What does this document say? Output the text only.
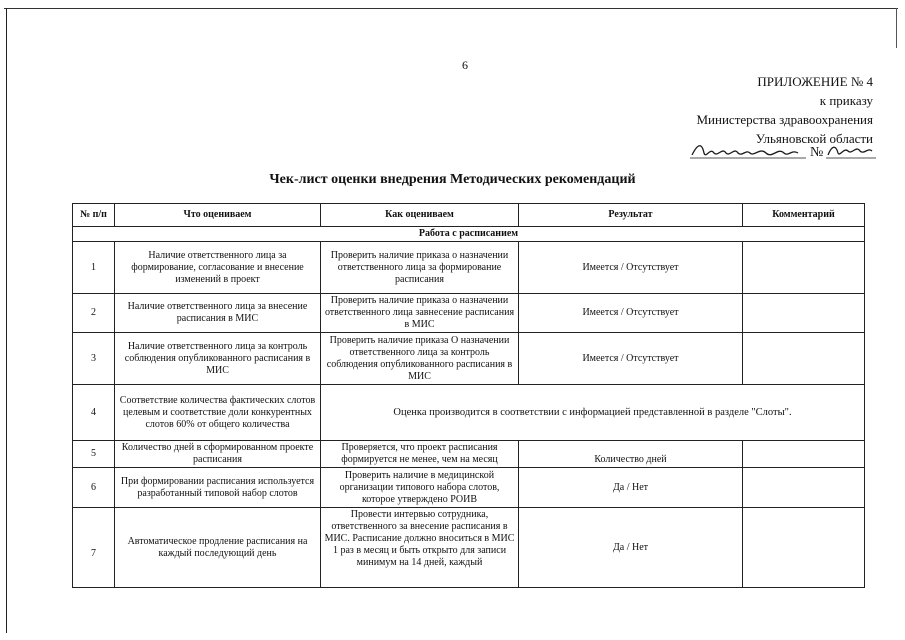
6
ПРИЛОЖЕНИЕ № 4
к приказу
Министерства здравоохранения
Ульяновской области
№
Чек-лист оценки внедрения Методических рекомендаций
№ п/п	Что оцениваем	Как оцениваем	Результат	Комментарий
Работа с расписанием				
1	Наличие ответственного лица за формирование, согласование и внесение изменений в проект	Проверить наличие приказа о назначении ответственного лица за формирование расписания	Имеется / Отсутствует	
2	Наличие ответственного лица за внесение расписания в МИС	Проверить наличие приказа о назначении ответственного лица завнесение расписания в МИС	Имеется / Отсутствует	
3	Наличие ответственного лица за контроль соблюдения опубликованного расписания в МИС	Проверить наличие приказа О назначении ответственного лица за контроль соблюдения опубликованного расписания в МИС	Имеется / Отсутствует	
4	Соответствие количества фактических слотов целевым и соответствие доли конкурентных слотов 60% от общего количества	Оценка производится в соответствии с информацией представленной в разделе "Слоты".		
5	Количество дней в сформированном проекте расписания	Проверяется, что проект расписания формируется не менее, чем на месяц	Количество дней	
6	При формировании расписания используется разработанный типовой набор слотов	Проверить наличие в медицинской организации типового набора слотов, которое утверждено РОИВ	Да / Нет	
7	Автоматическое продление расписания на каждый последующий день	Провести интервью сотрудника, ответственного за внесение расписания в МИС. Расписание должно вноситься в МИС 1 раз в месяц и быть открыто для записи минимум на 14 дней, каждый	Да / Нет	
